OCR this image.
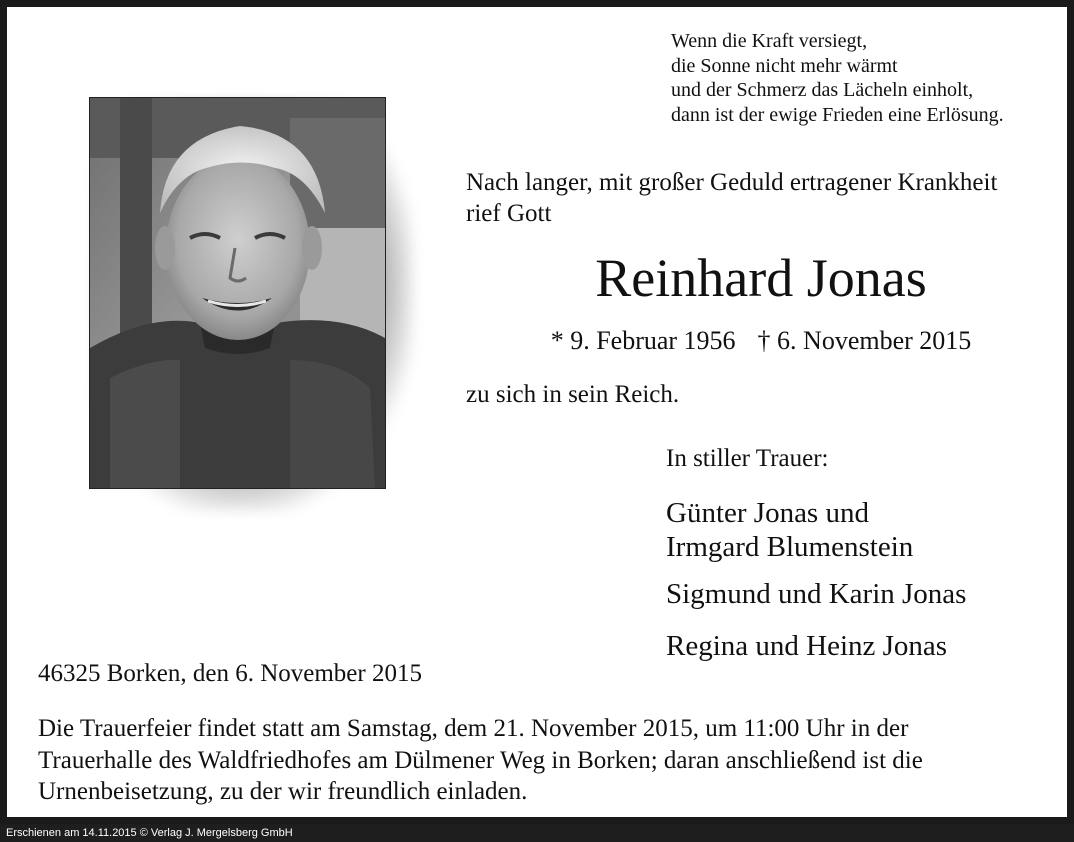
Wenn die Kraft versiegt,
die Sonne nicht mehr wärmt
und der Schmerz das Lächeln einholt,
dann ist der ewige Frieden eine Erlösung.
Nach langer, mit großer Geduld ertragener Krankheit
rief Gott
Reinhard Jonas
* 9. Februar 1956 † 6. November 2015
zu sich in sein Reich.
In stiller Trauer:
Günter Jonas und
Irmgard Blumenstein
Sigmund und Karin Jonas
Regina und Heinz Jonas
46325 Borken, den 6. November 2015
Die Trauerfeier findet statt am Samstag, dem 21. November 2015, um 11:00 Uhr in der
Trauerhalle des Waldfriedhofes am Dülmener Weg in Borken; daran anschließend ist die
Urnenbeisetzung, zu der wir freundlich einladen.
Erschienen am 14.11.2015 © Verlag J. Mergelsberg GmbH
